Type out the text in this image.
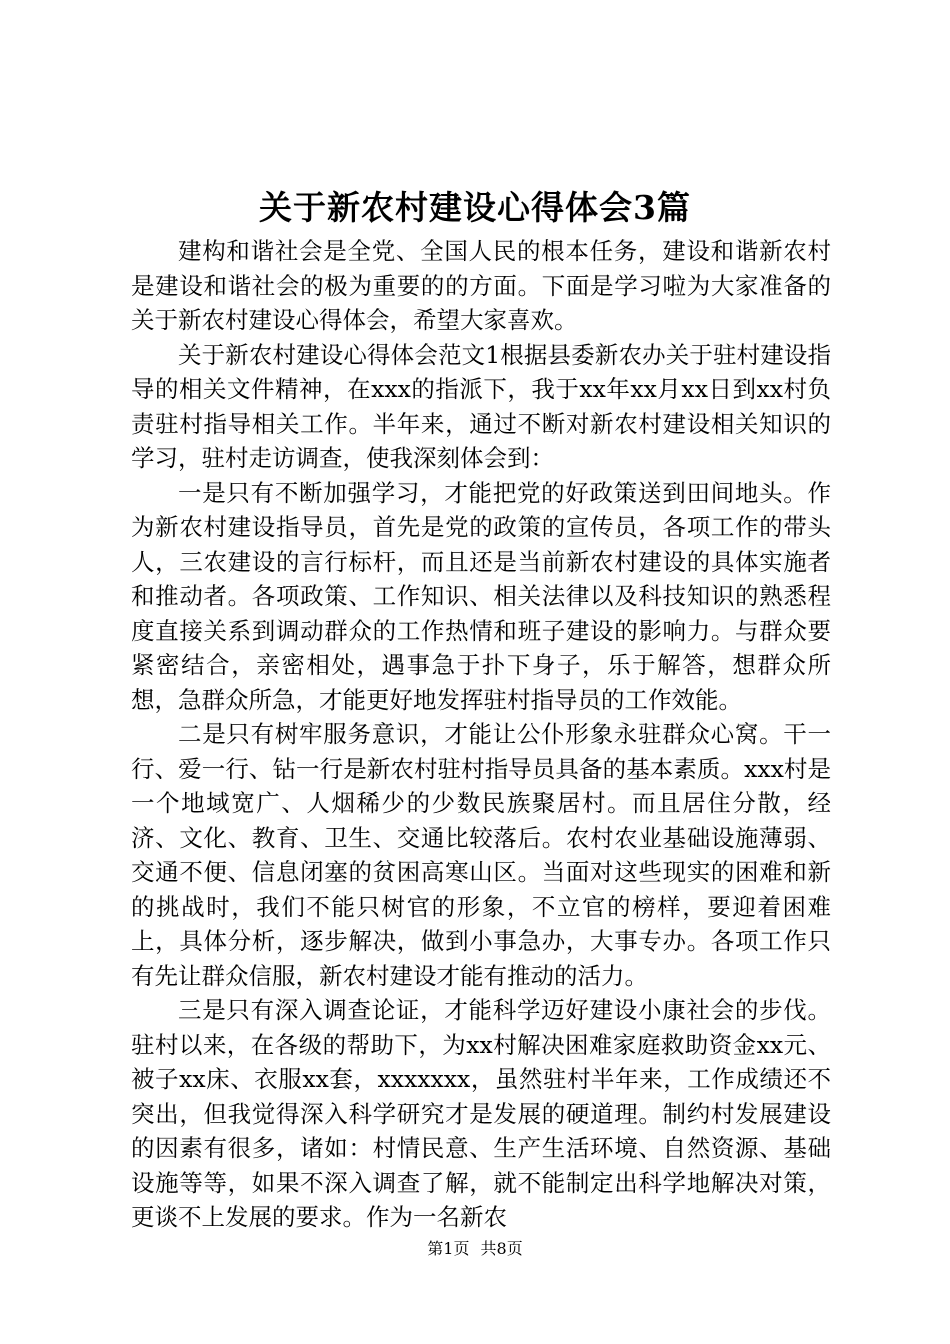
关于新农村建设心得体会3篇

建构和谐社会是全党、全国人民的根本任务，建设和谐新农村是建设和谐社会的极为重要的的方面。下面是学习啦为大家准备的关于新农村建设心得体会，希望大家喜欢。

关于新农村建设心得体会范文1根据县委新农办关于驻村建设指导的相关文件精神，在xxx的指派下，我于xx年xx月xx日到xx村负责驻村指导相关工作。半年来，通过不断对新农村建设相关知识的学习，驻村走访调查，使我深刻体会到：

一是只有不断加强学习，才能把党的好政策送到田间地头。作为新农村建设指导员，首先是党的政策的宣传员，各项工作的带头人，三农建设的言行标杆，而且还是当前新农村建设的具体实施者和推动者。各项政策、工作知识、相关法律以及科技知识的熟悉程度直接关系到调动群众的工作热情和班子建设的影响力。与群众要紧密结合，亲密相处，遇事急于扑下身子，乐于解答，想群众所想，急群众所急，才能更好地发挥驻村指导员的工作效能。

二是只有树牢服务意识，才能让公仆形象永驻群众心窝。干一行、爱一行、钻一行是新农村驻村指导员具备的基本素质。xxx村是一个地域宽广、人烟稀少的少数民族聚居村。而且居住分散，经济、文化、教育、卫生、交通比较落后。农村农业基础设施薄弱、交通不便、信息闭塞的贫困高寒山区。当面对这些现实的困难和新的挑战时，我们不能只树官的形象，不立官的榜样，要迎着困难上，具体分析，逐步解决，做到小事急办，大事专办。各项工作只有先让群众信服，新农村建设才能有推动的活力。

三是只有深入调查论证，才能科学迈好建设小康社会的步伐。驻村以来，在各级的帮助下，为xx村解决困难家庭救助资金xx元、被子xx床、衣服xx套，xxxxxxx，虽然驻村半年来，工作成绩还不突出，但我觉得深入科学研究才是发展的硬道理。制约村发展建设的因素有很多，诸如：村情民意、生产生活环境、自然资源、基础设施等等，如果不深入调查了解，就不能制定出科学地解决对策，更谈不上发展的要求。作为一名新农

第1页 共8页
